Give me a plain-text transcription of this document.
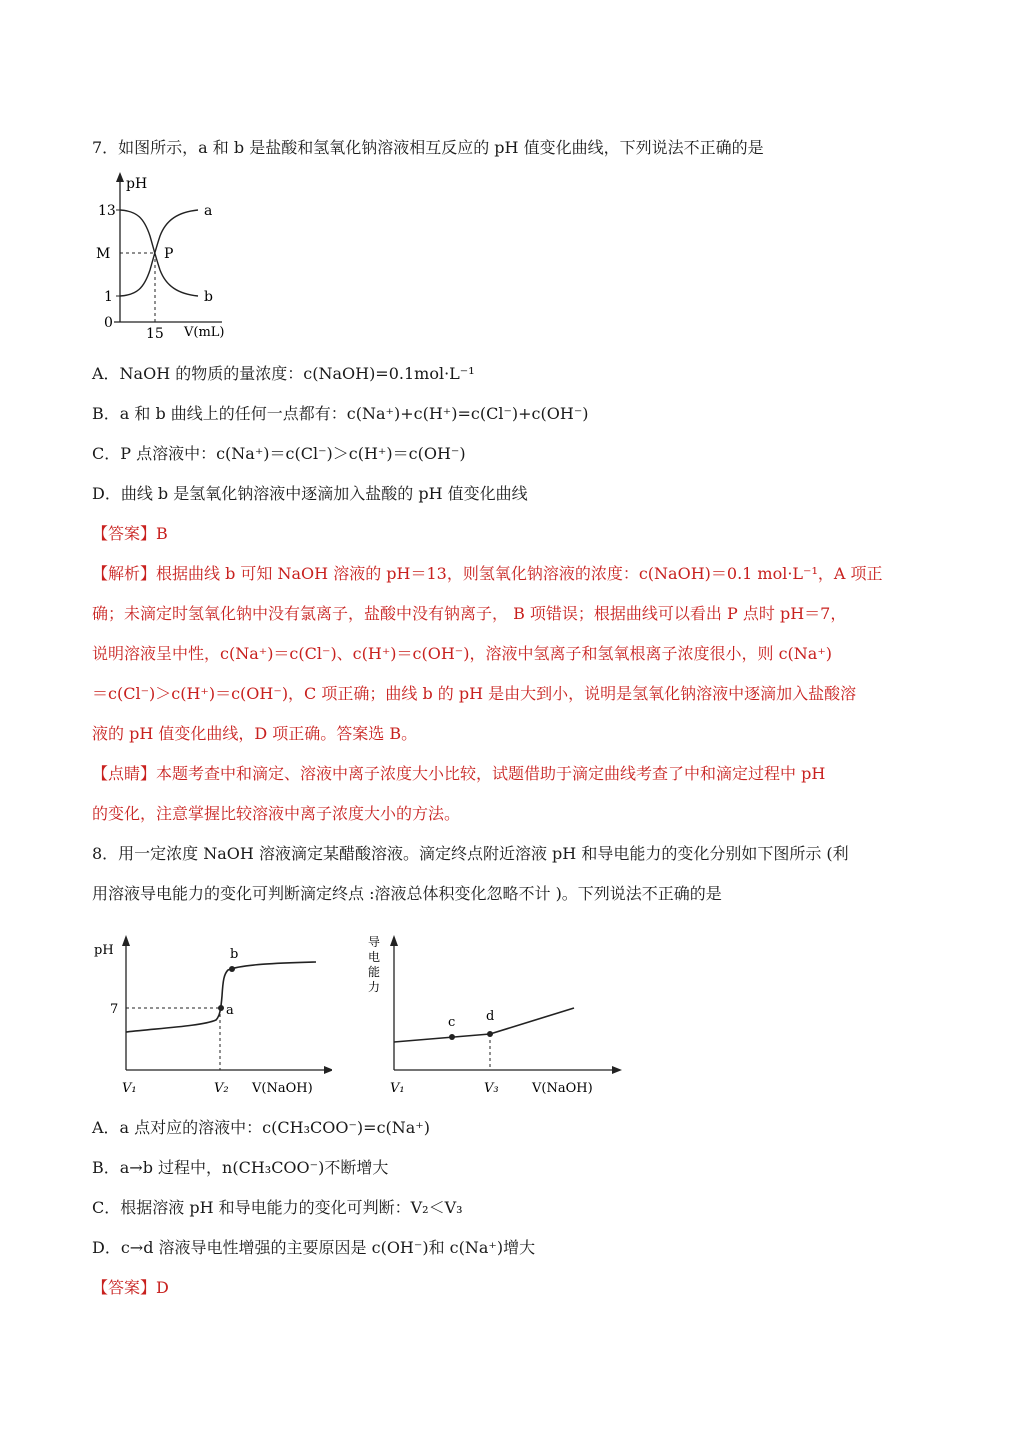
7．如图所示，a 和 b 是盐酸和氢氧化钠溶液相互反应的 pH 值变化曲线，下列说法不正确的是

pH
13
M
1
0
15 V(mL)
a
b
P

A．NaOH 的物质的量浓度：c(NaOH)=0.1mol·L⁻¹

B．a 和 b 曲线上的任何一点都有：c(Na⁺)+c(H⁺)=c(Cl⁻)+c(OH⁻)

C．P 点溶液中：c(Na⁺)＝c(Cl⁻)＞c(H⁺)＝c(OH⁻)

D．曲线 b 是氢氧化钠溶液中逐滴加入盐酸的 pH 值变化曲线

【答案】B

【解析】根据曲线 b 可知 NaOH 溶液的 pH＝13，则氢氧化钠溶液的浓度：c(NaOH)＝0.1 mol·L⁻¹，A 项正

确；未滴定时氢氧化钠中没有氯离子，盐酸中没有钠离子， B 项错误；根据曲线可以看出 P 点时 pH＝7，

说明溶液呈中性，c(Na⁺)＝c(Cl⁻)、c(H⁺)＝c(OH⁻)，溶液中氢离子和氢氧根离子浓度很小，则 c(Na⁺)

＝c(Cl⁻)＞c(H⁺)＝c(OH⁻)，C 项正确；曲线 b 的 pH 是由大到小，说明是氢氧化钠溶液中逐滴加入盐酸溶

液的 pH 值变化曲线，D 项正确。答案选 B。

【点睛】本题考查中和滴定、溶液中离子浓度大小比较，试题借助于滴定曲线考查了中和滴定过程中 pH

的变化，注意掌握比较溶液中离子浓度大小的方法。

8．用一定浓度 NaOH 溶液滴定某醋酸溶液。滴定终点附近溶液 pH 和导电能力的变化分别如下图所示 (利

用溶液导电能力的变化可判断滴定终点 :溶液总体积变化忽略不计 )。下列说法不正确的是

pH
7	a
b
V₁	V₂ V(NaOH)
导
电
能
力
c d
V₁	V₃	V(NaOH)

A．a 点对应的溶液中：c(CH₃COO⁻)=c(Na⁺)

B．a→b 过程中，n(CH₃COO⁻)不断增大

C．根据溶液 pH 和导电能力的变化可判断：V₂＜V₃

D．c→d 溶液导电性增强的主要原因是 c(OH⁻)和 c(Na⁺)增大

【答案】D
